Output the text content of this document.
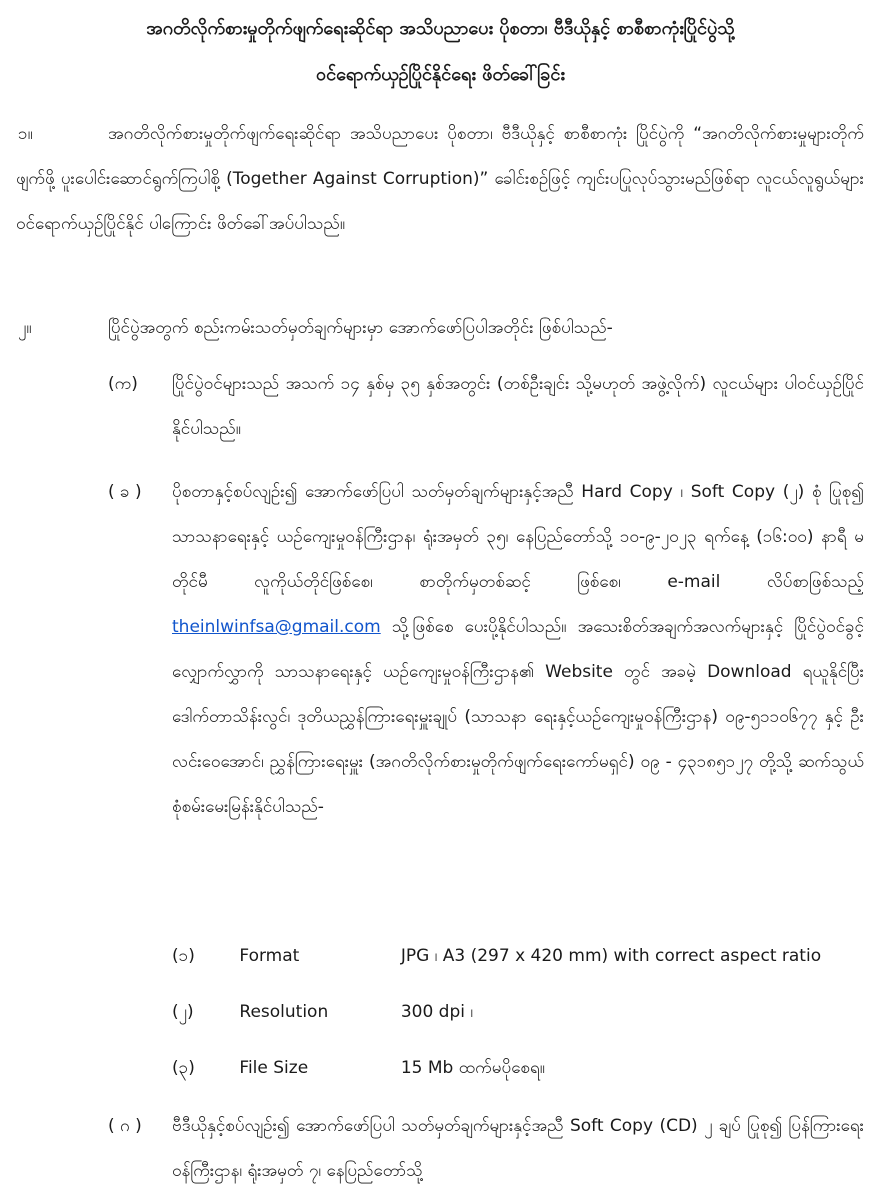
အဂတိလိုက်စားမှုတိုက်ဖျက်ရေးဆိုင်ရာ အသိပညာပေး ပိုစတာ၊ ဗီဒီယိုနှင့် စာစီစာကုံးပြိုင်ပွဲသို့
ဝင်ရောက်ယှဉ်ပြိုင်နိုင်ရေး ဖိတ်ခေါ်ခြင်း
၁။	အဂတိလိုက်စားမှုတိုက်ဖျက်ရေးဆိုင်ရာ အသိပညာပေး ပိုစတာ၊ ဗီဒီယိုနှင့် စာစီစာကုံး ပြိုင်ပွဲကို “အဂတိလိုက်စားမှုများတိုက်ဖျက်ဖို့ ပူးပေါင်းဆောင်ရွက်ကြပါစို့ (Together Against Corruption)” ခေါင်းစဉ်ဖြင့် ကျင်းပပြုလုပ်သွားမည်ဖြစ်ရာ လူငယ်လူရွယ်များ ဝင်ရောက်ယှဉ်ပြိုင်နိုင် ပါကြောင်း ဖိတ်ခေါ်အပ်ပါသည်။
၂။	ပြိုင်ပွဲအတွက် စည်းကမ်းသတ်မှတ်ချက်များမှာ အောက်ဖော်ပြပါအတိုင်း ဖြစ်ပါသည်-
(က) ပြိုင်ပွဲဝင်များသည် အသက် ၁၄ နှစ်မှ ၃၅ နှစ်အတွင်း (တစ်ဦးချင်း သို့မဟုတ် အဖွဲ့လိုက်) လူငယ်များ ပါဝင်ယှဉ်ပြိုင်နိုင်ပါသည်။
( ခ ) ပိုစတာနှင့်စပ်လျဉ်း၍ အောက်ဖော်ပြပါ သတ်မှတ်ချက်များနှင့်အညီ Hard Copy ၊ Soft Copy (၂) စုံ ပြုစု၍ သာသနာရေးနှင့် ယဉ်ကျေးမှုဝန်ကြီးဌာန၊ ရုံးအမှတ် ၃၅၊ နေပြည်တော်သို့ ၁၀-၉-၂၀၂၃ ရက်နေ့ (၁၆:၀၀) နာရီ မတိုင်မီ လူကိုယ်တိုင်ဖြစ်စေ၊ စာတိုက်မှတစ်ဆင့် ဖြစ်စေ၊ e-mail လိပ်စာဖြစ်သည့် theinlwinfsa@gmail.com သို့ဖြစ်စေ ပေးပို့နိုင်ပါသည်။ အသေးစိတ်အချက်အလက်များနှင့် ပြိုင်ပွဲဝင်ခွင့် လျှောက်လွှာကို သာသနာရေးနှင့် ယဉ်ကျေးမှုဝန်ကြီးဌာန၏ Website တွင် အခမဲ့ Download ရယူနိုင်ပြီး ဒေါက်တာသိန်းလွင်၊ ဒုတိယညွှန်ကြားရေးမှူးချုပ် (သာသနာ ရေးနှင့်ယဉ်ကျေးမှုဝန်ကြီးဌာန) ၀၉-၅၁၁၀၆၇၇ နှင့် ဦးလင်းဝေအောင်၊ ညွှန်ကြားရေးမှူး (အဂတိလိုက်စားမှုတိုက်ဖျက်ရေးကော်မရှင်) ၀၉ - ၄၃၁၈၅၁၂၇ တို့သို့ ဆက်သွယ် စုံစမ်းမေးမြန်းနိုင်ပါသည်-
(၁)	Format	JPG ၊ A3 (297 x 420 mm) with correct aspect ratio
(၂)	Resolution	300 dpi ၊
(၃)	File Size	15 Mb ထက်မပိုစေရ။
( ဂ ) ဗီဒီယိုနှင့်စပ်လျဉ်း၍ အောက်ဖော်ပြပါ သတ်မှတ်ချက်များနှင့်အညီ Soft Copy (CD) ၂ ချပ် ပြုစု၍ ပြန်ကြားရေးဝန်ကြီးဌာန၊ ရုံးအမှတ် ၇၊ နေပြည်တော်သို့
